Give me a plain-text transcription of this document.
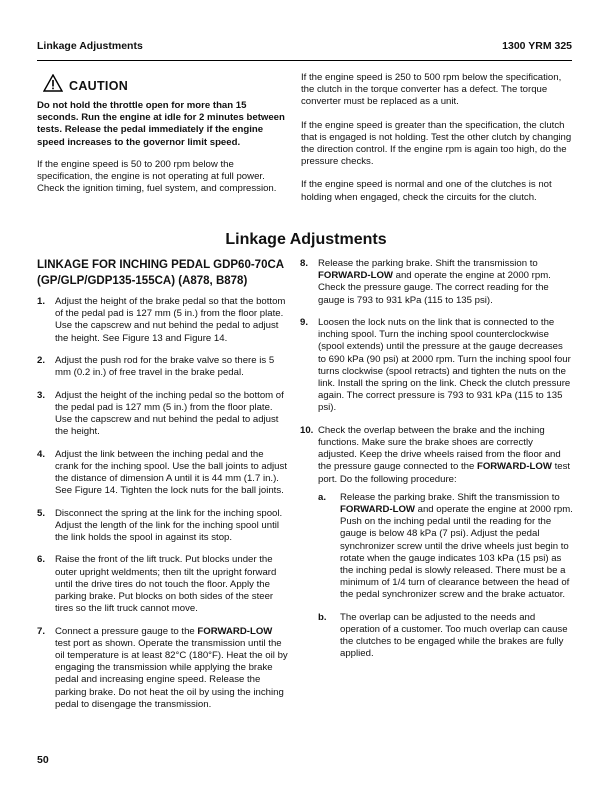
Linkage Adjustments	1300 YRM 325
CAUTION

Do not hold the throttle open for more than 15 seconds. Run the engine at idle for 2 minutes between tests. Release the pedal immediately if the engine speed increases to the governor limit speed.

If the engine speed is 50 to 200 rpm below the specification, the engine is not operating at full power. Check the ignition timing, fuel system, and compression.

If the engine speed is 250 to 500 rpm below the specification, the clutch in the torque converter has a defect. The torque converter must be replaced as a unit.

If the engine speed is greater than the specification, the clutch that is engaged is not holding. Test the other clutch by changing the direction control. If the engine rpm is again too high, do the pressure checks.

If the engine speed is normal and one of the clutches is not holding when engaged, check the circuits for the clutch.

Linkage Adjustments
LINKAGE FOR INCHING PEDAL GDP60-70CA (GP/GLP/GDP135-155CA) (A878, B878)
1.	Adjust the height of the brake pedal so that the bottom of the pedal pad is 127 mm (5 in.) from the floor plate. Use the capscrew and nut behind the pedal to adjust the height. See Figure 13 and Figure 14.
2.	Adjust the push rod for the brake valve so there is 5 mm (0.2 in.) of free travel in the brake pedal.
3.	Adjust the height of the inching pedal so the bottom of the pedal pad is 127 mm (5 in.) from the floor plate. Use the capscrew and nut behind the pedal to adjust the height.
4.	Adjust the link between the inching pedal and the crank for the inching spool. Use the ball joints to adjust the distance of dimension A until it is 44 mm (1.7 in.). See Figure 14. Tighten the lock nuts for the ball joints.
5.	Disconnect the spring at the link for the inching spool. Adjust the length of the link for the inching spool until the link holds the spool in against its stop.
6.	Raise the front of the lift truck. Put blocks under the outer upright weldments; then tilt the upright forward until the drive tires do not touch the floor. Apply the parking brake. Put blocks on both sides of the steer tires so the lift truck cannot move.
7.	Connect a pressure gauge to the FORWARD-LOW test port as shown. Operate the transmission until the oil temperature is at least 82°C (180°F). Heat the oil by engaging the transmission while applying the brake pedal and increasing engine speed. Release the parking brake. Do not heat the oil by using the inching pedal to disengage the transmission.
8.	Release the parking brake. Shift the transmission to FORWARD-LOW and operate the engine at 2000 rpm. Check the pressure gauge. The correct reading for the gauge is 793 to 931 kPa (115 to 135 psi).
9.	Loosen the lock nuts on the link that is connected to the inching spool. Turn the inching spool counterclockwise (spool extends) until the pressure at the gauge decreases to 690 kPa (90 psi) at 2000 rpm. Turn the inching spool four turns clockwise (spool retracts) and tighten the nuts on the link. Install the spring on the link. Check the clutch pressure again. The correct pressure is 793 to 931 kPa (115 to 135 psi).
10. Check the overlap between the brake and the inching functions. Make sure the brake shoes are correctly adjusted. Keep the drive wheels raised from the floor and the pressure gauge connected to the FORWARD-LOW test port. Do the following procedure:
a.	Release the parking brake. Shift the transmission to FORWARD-LOW and operate the engine at 2000 rpm. Push on the inching pedal until the reading for the gauge is below 48 kPa (7 psi). Adjust the pedal synchronizer screw until the drive wheels just begin to rotate when the gauge indicates 103 kPa (15 psi) as the inching pedal is slowly released. There must be a minimum of 1/4 turn of clearance between the head of the pedal synchronizer screw and the brake actuator.
b.	The overlap can be adjusted to the needs and operation of a customer. Too much overlap can cause the clutches to be engaged while the brakes are fully applied.
50
